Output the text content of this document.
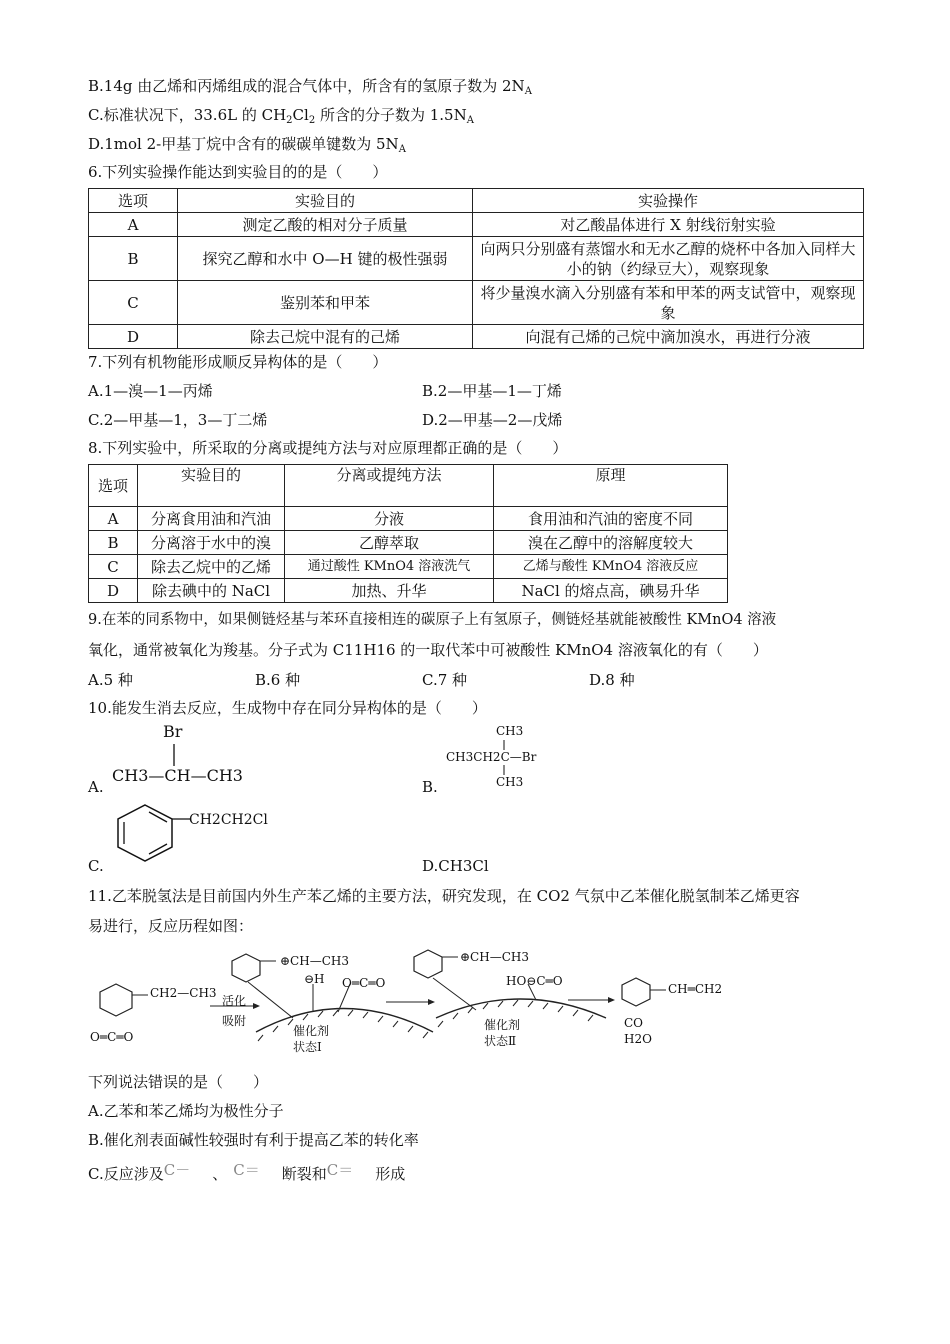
B.14g 由乙烯和丙烯组成的混合气体中，所含有的氢原子数为 $2N_A$
C.标准状况下，33.6L 的 $CH_2Cl_2$ 所含的分子数为 $1.5N_A$
D.1mol 2-甲基丁烷中含有的碳碳单键数为 $5N_A$
6.下列实验操作能达到实验目的的是（　　）
选项	实验目的	实验操作
A	测定乙酸的相对分子质量	对乙酸晶体进行 X 射线衍射实验
B	探究乙醇和水中 O—H 键的极性强弱	向两只分别盛有蒸馏水和无水乙醇的烧杯中各加入同样大小的钠（约绿豆大），观察现象
C	鉴别苯和甲苯	将少量溴水滴入分别盛有苯和甲苯的两支试管中，观察现象
D	除去己烷中混有的己烯	向混有己烯的己烷中滴加溴水，再进行分液
7.下列有机物能形成顺反异构体的是（　　）
A.1—溴—1—丙烯	B.2—甲基—1—丁烯
C.2—甲基—1，3—丁二烯	D.2—甲基—2—戊烯
8.下列实验中，所采取的分离或提纯方法与对应原理都正确的是（　　）
选项	实验目的	分离或提纯方法	原理
A	分离食用油和汽油	分液	食用油和汽油的密度不同
B	分离溶于水中的溴	乙醇萃取	溴在乙醇中的溶解度较大
C	除去乙烷中的乙烯	通过酸性 KMnO4 溶液洗气	乙烯与酸性 KMnO4 溶液反应
D	除去碘中的 NaCl	加热、升华	NaCl 的熔点高，碘易升华
9.在苯的同系物中，如果侧链烃基与苯环直接相连的碳原子上有氢原子，侧链烃基就能被酸性 KMnO4 溶液
氧化，通常被氧化为羧基。分子式为 C11H16 的一取代苯中可被酸性 KMnO4 溶液氧化的有（　　）
A.5 种	B.6 种	C.7 种	D.8 种
10.能发生消去反应，生成物中存在同分异构体的是（　　）
Br
CH3—CH—CH3
A.
CH3
CH3CH2C—Br
CH3
B.
CH2CH2Cl
C.	D.CH3Cl
11.乙苯脱氢法是目前国内外生产苯乙烯的主要方法，研究发现，在 CO2 气氛中乙苯催化脱氢制苯乙烯更容
易进行，反应历程如图：
CH2—CH3
O═C═O
活化
吸附
催化剂
状态Ⅰ
⊕CH—CH3
⊖H O═C═O
⊕CH—CH3
HO⊖C═O
催化剂
状态Ⅱ
CH═CH2
CO
H2O
下列说法错误的是（　　）
A.乙苯和苯乙烯均为极性分子
B.催化剂表面碱性较强时有利于提高乙苯的转化率
C.反应涉及C－ 、 C＝ 断裂和C＝ 形成
